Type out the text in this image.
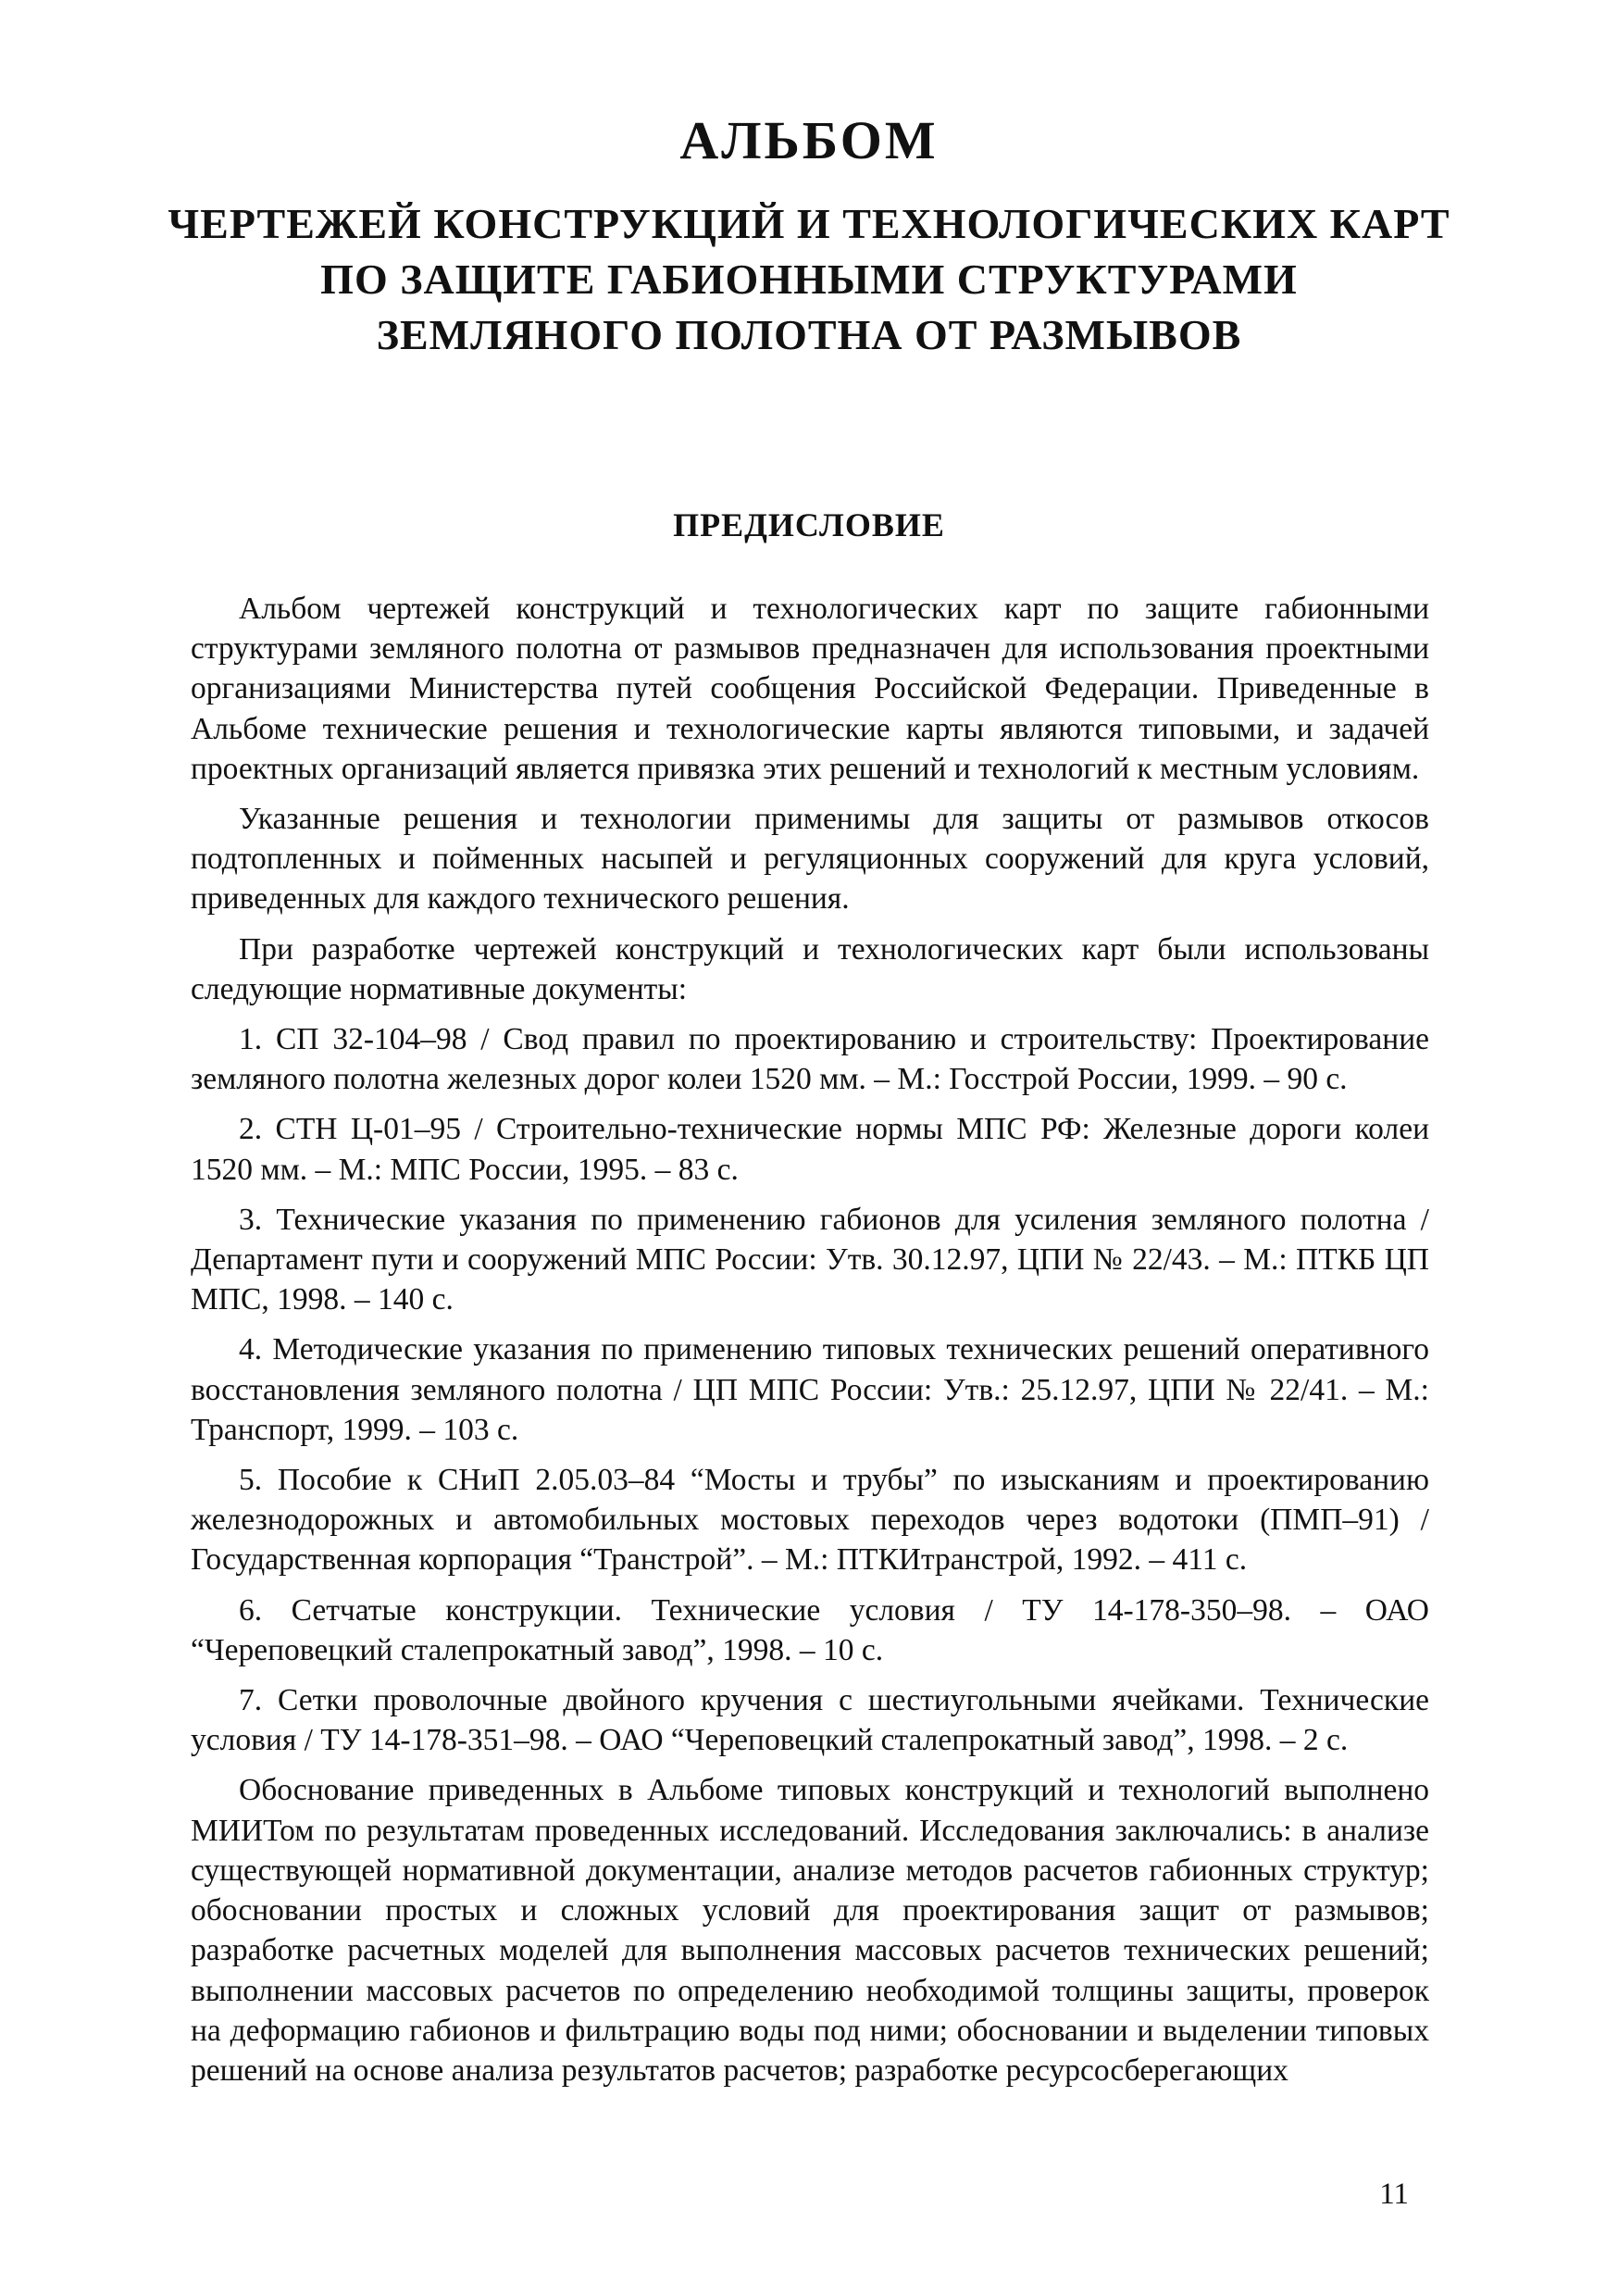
АЛЬБОМ
ЧЕРТЕЖЕЙ КОНСТРУКЦИЙ И ТЕХНОЛОГИЧЕСКИХ КАРТ
ПО ЗАЩИТЕ ГАБИОННЫМИ СТРУКТУРАМИ
ЗЕМЛЯНОГО ПОЛОТНА ОТ РАЗМЫВОВ
ПРЕДИСЛОВИЕ

Альбом чертежей конструкций и технологических карт по защите габионными структурами земляного полотна от размывов предназначен для использования проектными организациями Министерства путей сообщения Российской Федерации. Приведенные в Альбоме технические решения и технологические карты являются типовыми, и задачей проектных организаций является привязка этих решений и технологий к местным условиям.

Указанные решения и технологии применимы для защиты от размывов откосов подтопленных и пойменных насыпей и регуляционных сооружений для круга условий, приведенных для каждого технического решения.

При разработке чертежей конструкций и технологических карт были использованы следующие нормативные документы:

1. СП 32-104–98 / Свод правил по проектированию и строительству: Проектирование земляного полотна железных дорог колеи 1520 мм. – М.: Госстрой России, 1999. – 90 с.

2. СТН Ц-01–95 / Строительно-технические нормы МПС РФ: Железные дороги колеи 1520 мм. – М.: МПС России, 1995. – 83 с.

3. Технические указания по применению габионов для усиления земляного полотна / Департамент пути и сооружений МПС России: Утв. 30.12.97, ЦПИ № 22/43. – М.: ПТКБ ЦП МПС, 1998. – 140 с.

4. Методические указания по применению типовых технических решений оперативного восстановления земляного полотна / ЦП МПС России: Утв.: 25.12.97, ЦПИ № 22/41. – М.: Транспорт, 1999. – 103 с.

5. Пособие к СНиП 2.05.03–84 “Мосты и трубы” по изысканиям и проектированию железнодорожных и автомобильных мостовых переходов через водотоки (ПМП–91) / Государственная корпорация “Транстрой”. – М.: ПТКИтранстрой, 1992. – 411 с.

6. Сетчатые конструкции. Технические условия / ТУ 14-178-350–98. – ОАО “Череповецкий сталепрокатный завод”, 1998. – 10 с.

7. Сетки проволочные двойного кручения с шестиугольными ячейками. Технические условия / ТУ 14-178-351–98. – ОАО “Череповецкий сталепрокатный завод”, 1998. – 2 с.

Обоснование приведенных в Альбоме типовых конструкций и технологий выполнено МИИТом по результатам проведенных исследований. Исследования заключались: в анализе существующей нормативной документации, анализе методов расчетов габионных структур; обосновании простых и сложных условий для проектирования защит от размывов; разработке расчетных моделей для выполнения массовых расчетов технических решений; выполнении массовых расчетов по определению необходимой толщины защиты, проверок на деформацию габионов и фильтрацию воды под ними; обосновании и выделении типовых решений на основе анализа результатов расчетов; разработке ресурсосберегающих

11
